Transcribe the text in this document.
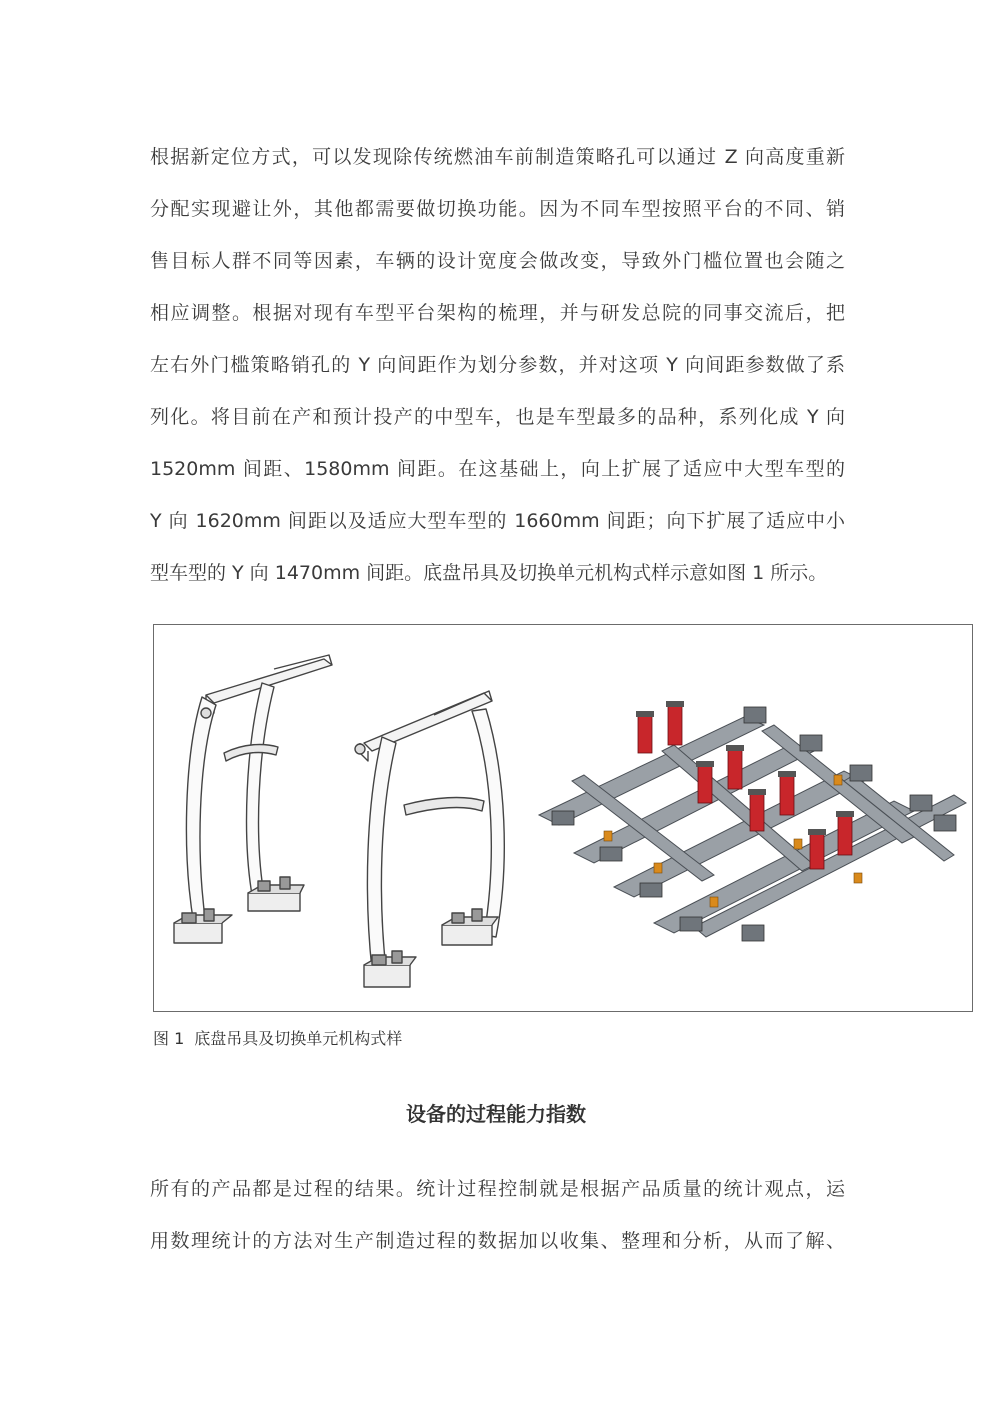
根据新定位方式，可以发现除传统燃油车前制造策略孔可以通过 Z 向高度重新
分配实现避让外，其他都需要做切换功能。因为不同车型按照平台的不同、销
售目标人群不同等因素，车辆的设计宽度会做改变，导致外门槛位置也会随之
相应调整。根据对现有车型平台架构的梳理，并与研发总院的同事交流后，把
左右外门槛策略销孔的 Y 向间距作为划分参数，并对这项 Y 向间距参数做了系
列化。将目前在产和预计投产的中型车，也是车型最多的品种，系列化成 Y 向
1520mm 间距、1580mm 间距。在这基础上，向上扩展了适应中大型车型的
Y 向 1620mm 间距以及适应大型车型的 1660mm 间距；向下扩展了适应中小
型车型的 Y 向 1470mm 间距。底盘吊具及切换单元机构式样示意如图 1 所示。
图 1 底盘吊具及切换单元机构式样
设备的过程能力指数
所有的产品都是过程的结果。统计过程控制就是根据产品质量的统计观点，运
用数理统计的方法对生产制造过程的数据加以收集、整理和分析，从而了解、
